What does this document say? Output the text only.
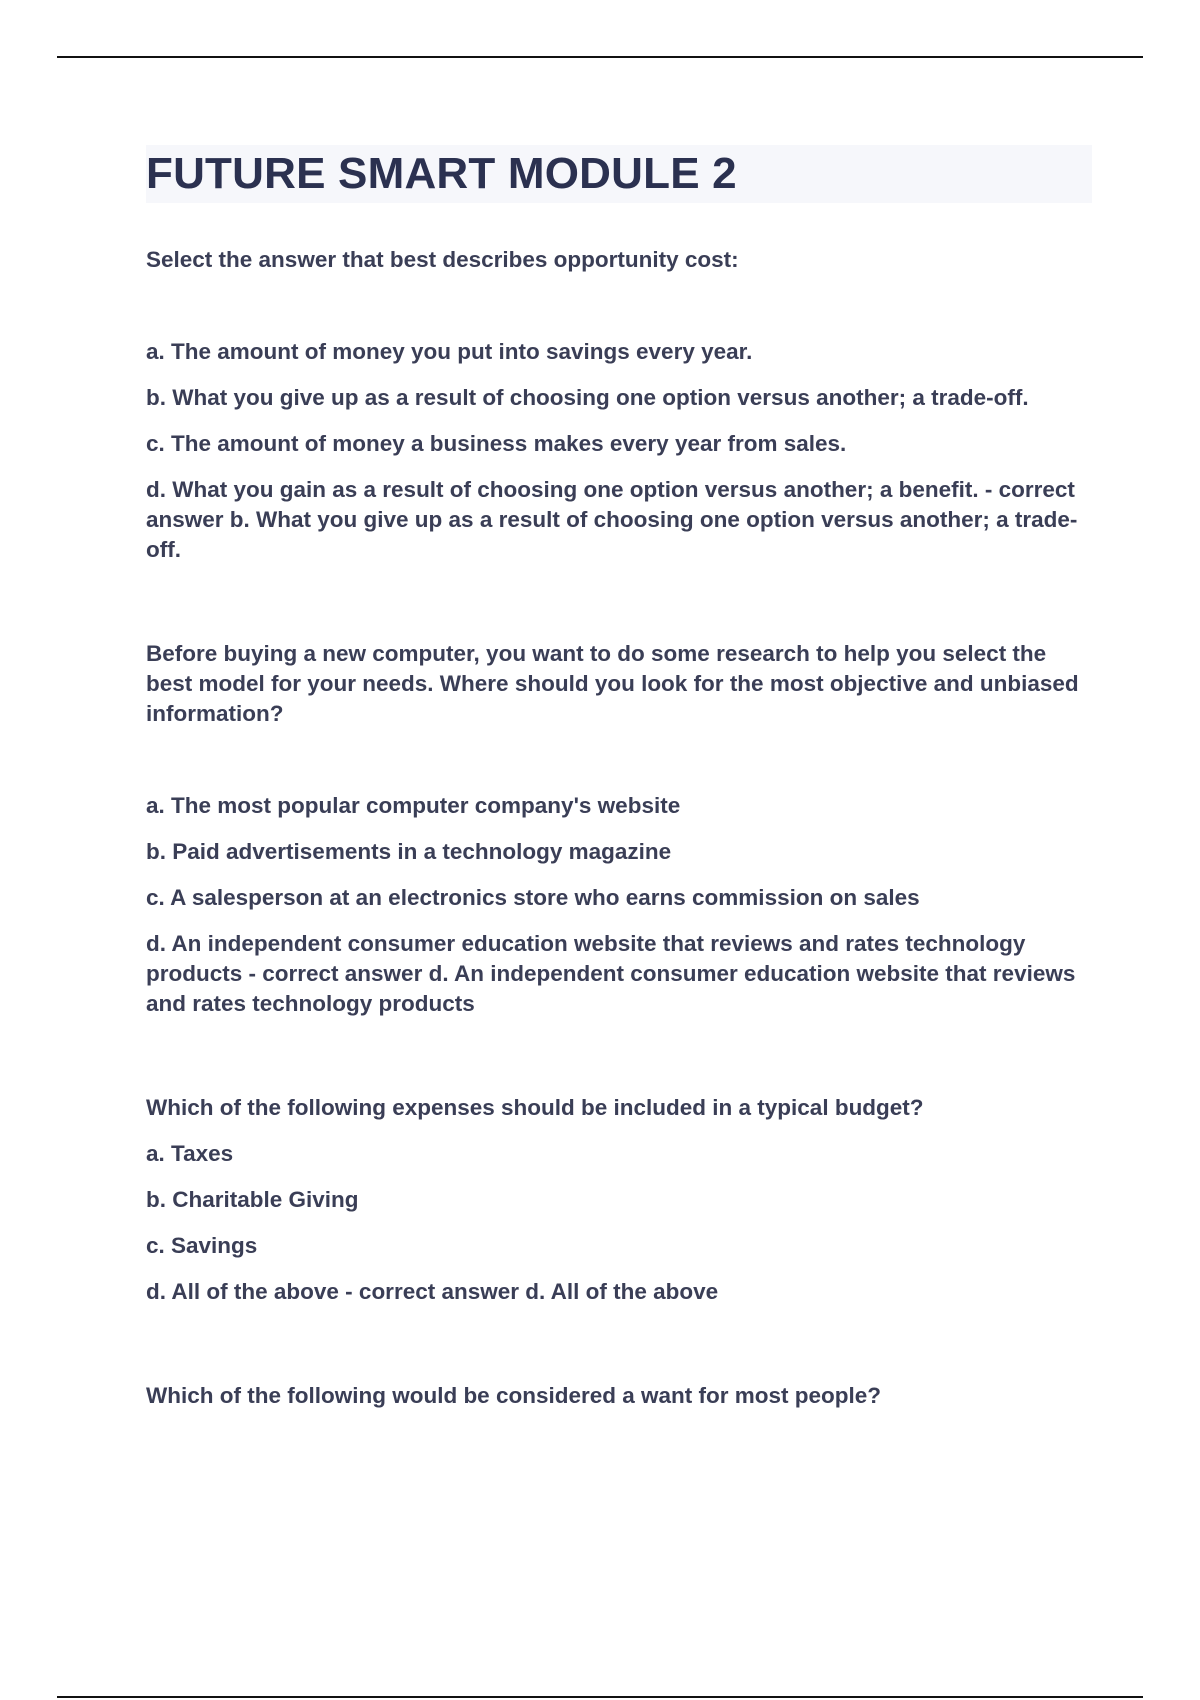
FUTURE SMART MODULE 2

Select the answer that best describes opportunity cost:

a. The amount of money you put into savings every year.

b. What you give up as a result of choosing one option versus another; a trade-off.

c. The amount of money a business makes every year from sales.

d. What you gain as a result of choosing one option versus another; a benefit. - correct answer b. What you give up as a result of choosing one option versus another; a trade-off.

Before buying a new computer, you want to do some research to help you select the best model for your needs. Where should you look for the most objective and unbiased information?

a. The most popular computer company's website

b. Paid advertisements in a technology magazine

c. A salesperson at an electronics store who earns commission on sales

d. An independent consumer education website that reviews and rates technology products - correct answer d. An independent consumer education website that reviews and rates technology products

Which of the following expenses should be included in a typical budget?

a. Taxes

b. Charitable Giving

c. Savings

d. All of the above - correct answer d. All of the above

Which of the following would be considered a want for most people?
